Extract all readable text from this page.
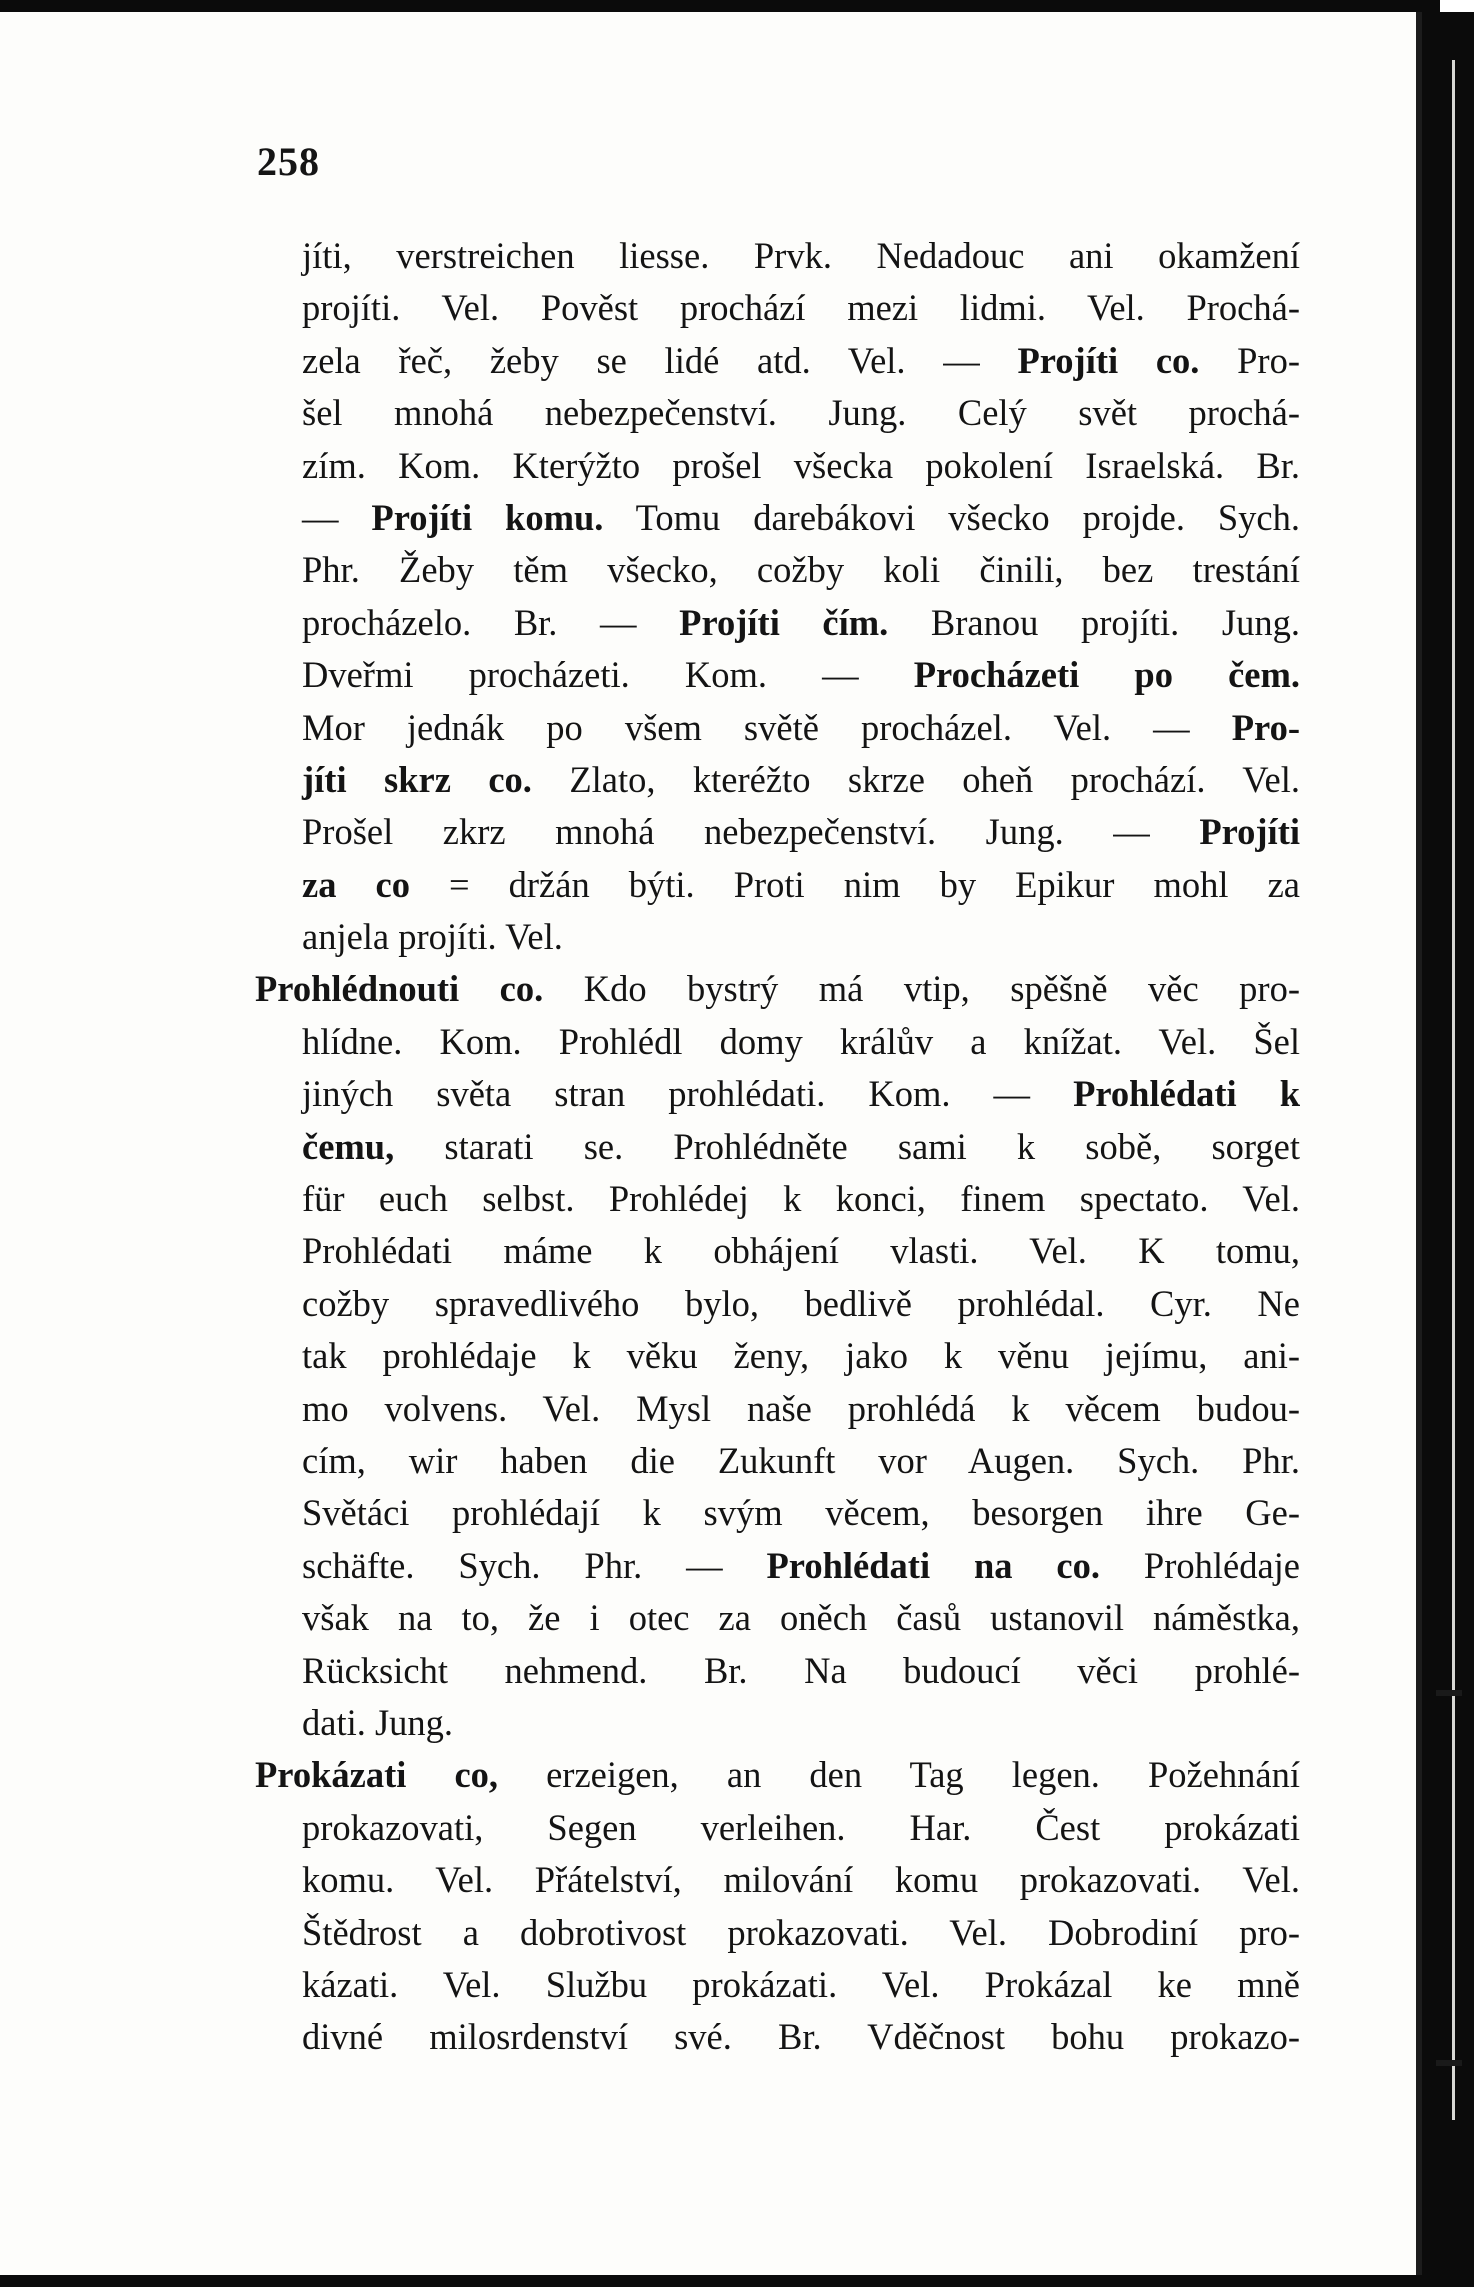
258
jíti, verstreichen liesse. Prvk. Nedadouc ani okamžení
projíti. Vel. Pověst prochází mezi lidmi. Vel. Prochá-
zela řeč, žeby se lidé atd. Vel. — Projíti co. Pro-
šel mnohá nebezpečenství. Jung. Celý svět prochá-
zím. Kom. Kterýžto prošel všecka pokolení Israelská. Br.
— Projíti komu. Tomu darebákovi všecko projde. Sych.
Phr. Žeby těm všecko, cožby koli činili, bez trestání
procházelo. Br. — Projíti čím. Branou projíti. Jung.
Dveřmi procházeti. Kom. — Procházeti po čem.
Mor jednák po všem světě procházel. Vel. — Pro-
jíti skrz co. Zlato, kteréžto skrze oheň prochází. Vel.
Prošel zkrz mnohá nebezpečenství. Jung. — Projíti
za co = držán býti. Proti nim by Epikur mohl za
anjela projíti. Vel.
Prohlédnouti co. Kdo bystrý má vtip, spěšně věc pro-
hlídne. Kom. Prohlédl domy králův a knížat. Vel. Šel
jiných světa stran prohlédati. Kom. — Prohlédati k
čemu, starati se. Prohlédněte sami k sobě, sorget
für euch selbst. Prohlédej k konci, finem spectato. Vel.
Prohlédati máme k obhájení vlasti. Vel. K tomu,
cožby spravedlivého bylo, bedlivě prohlédal. Cyr. Ne
tak prohlédaje k věku ženy, jako k věnu jejímu, ani-
mo volvens. Vel. Mysl naše prohlédá k věcem budou-
cím, wir haben die Zukunft vor Augen. Sych. Phr.
Světáci prohlédají k svým věcem, besorgen ihre Ge-
schäfte. Sych. Phr. — Prohlédati na co. Prohlédaje
však na to, že i otec za oněch časů ustanovil náměstka,
Rücksicht nehmend. Br. Na budoucí věci prohlé-
dati. Jung.
Prokázati co, erzeigen, an den Tag legen. Požehnání
prokazovati, Segen verleihen. Har. Čest prokázati
komu. Vel. Přátelství, milování komu prokazovati. Vel.
Štědrost a dobrotivost prokazovati. Vel. Dobrodiní pro-
kázati. Vel. Službu prokázati. Vel. Prokázal ke mně
divné milosrdenství své. Br. Vděčnost bohu prokazo-
